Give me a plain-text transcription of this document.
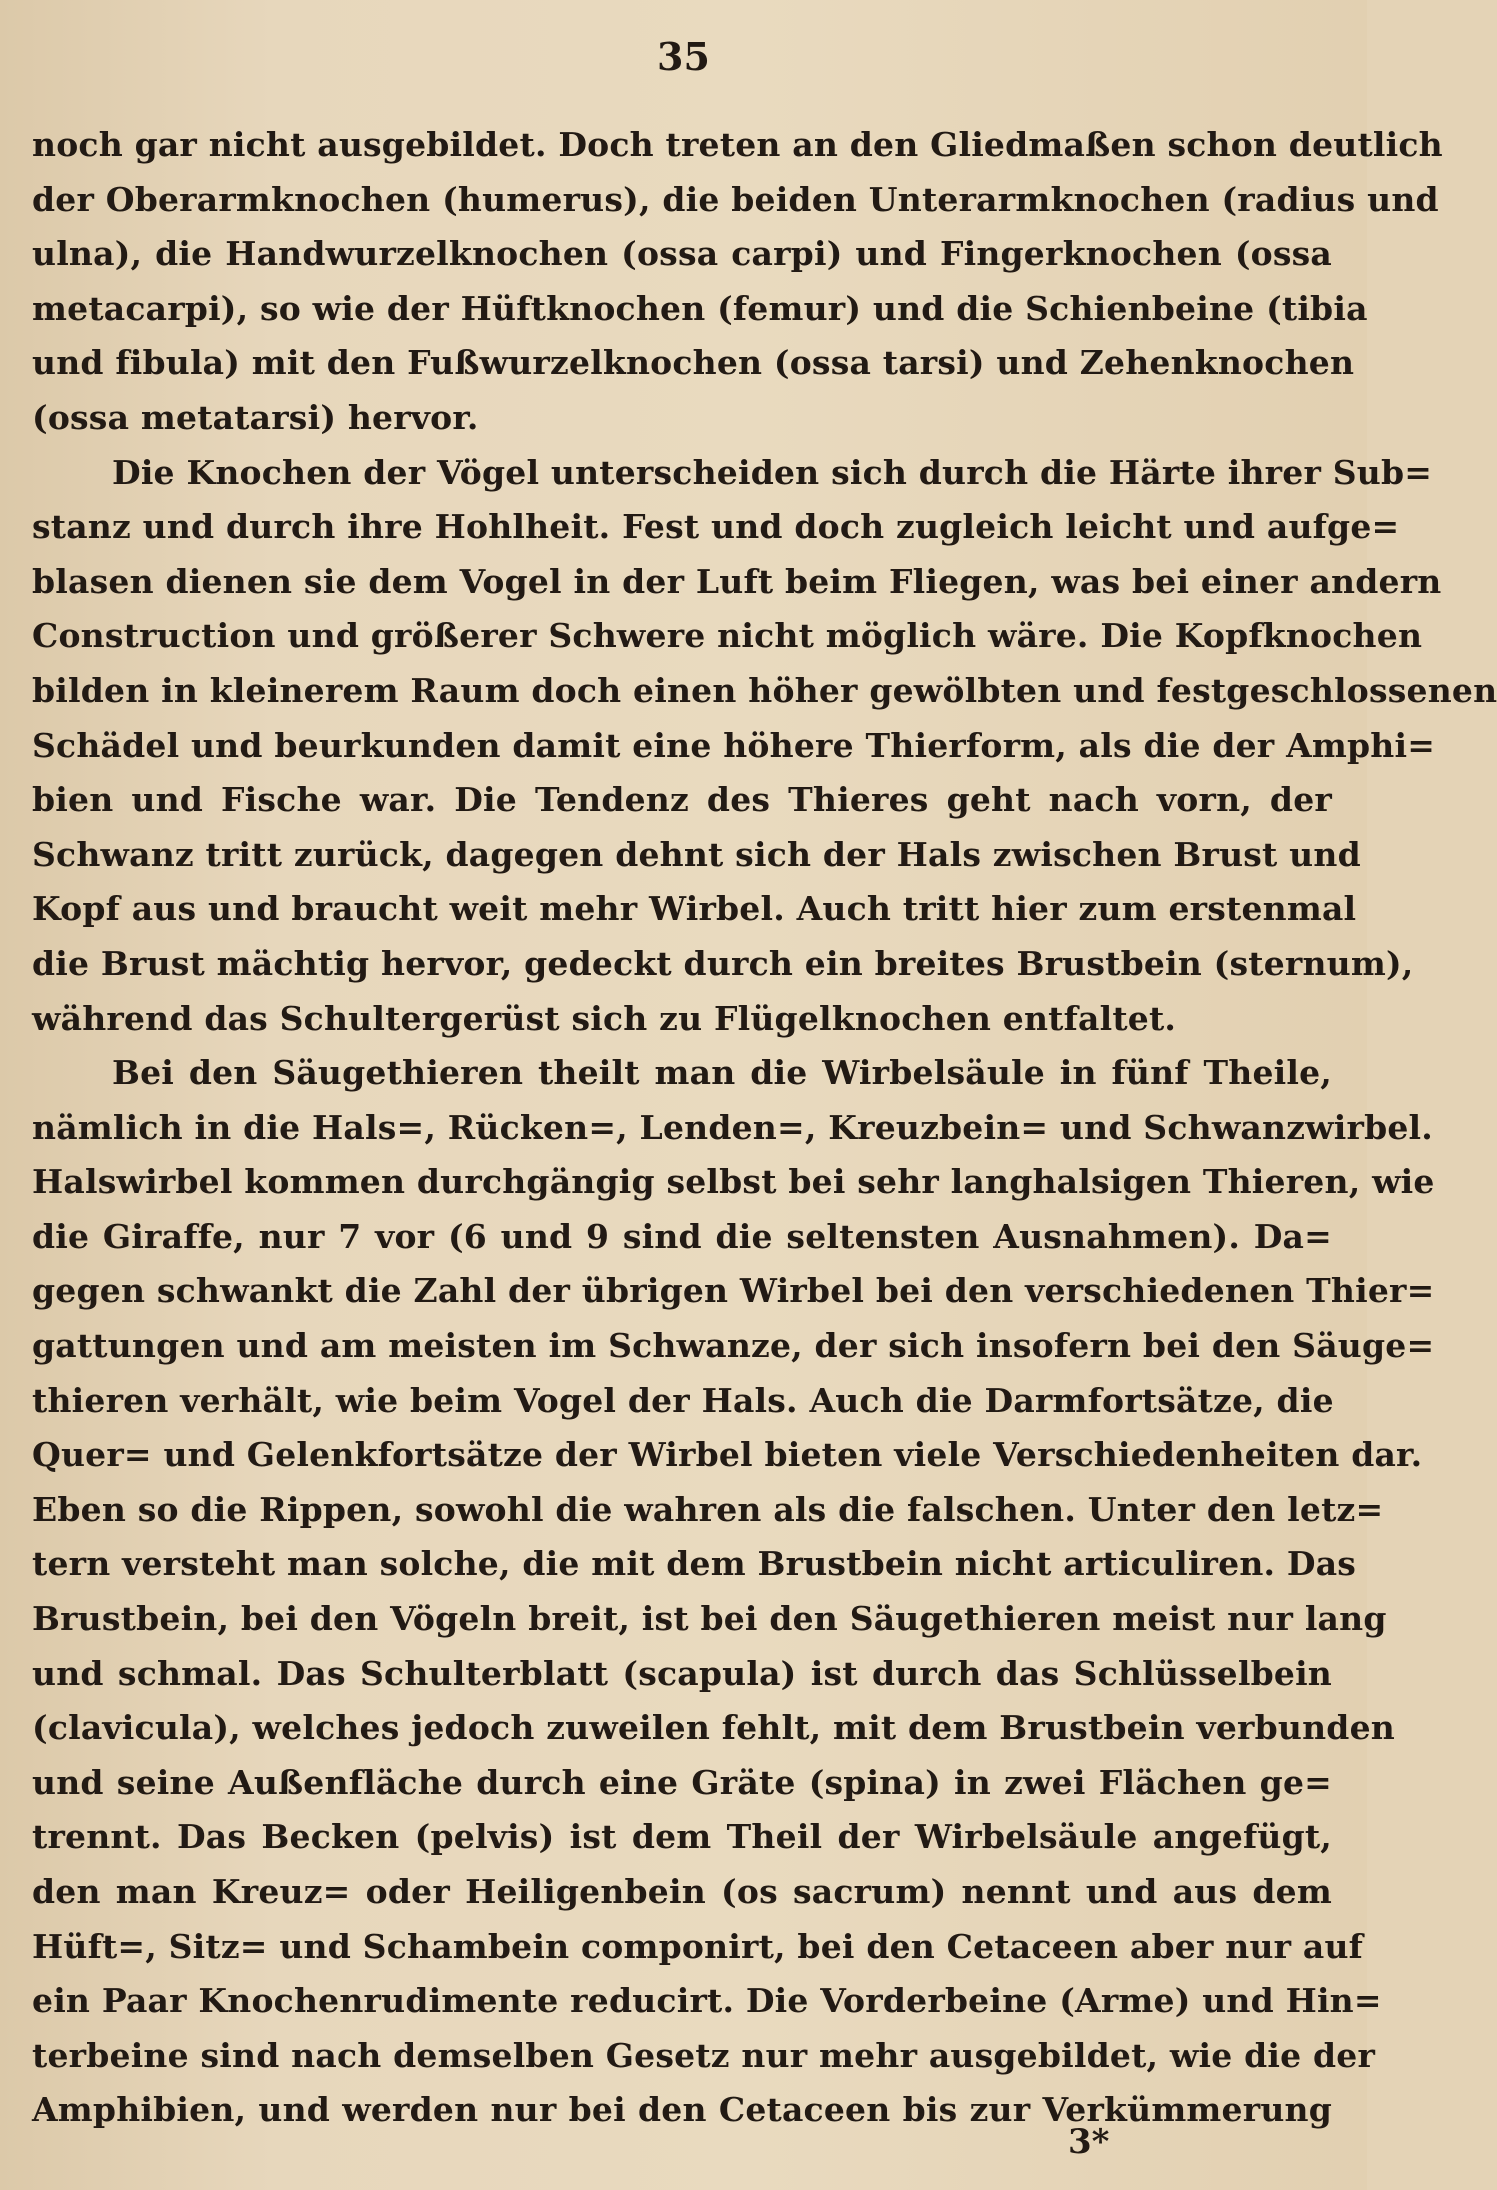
35
noch gar nicht ausgebildet. Doch treten an den Gliedmaßen schon deutlich
der Oberarmknochen (humerus), die beiden Unterarmknochen (radius und
ulna), die Handwurzelknochen (ossa carpi) und Fingerknochen (ossa
metacarpi), so wie der Hüftknochen (femur) und die Schienbeine (tibia
und fibula) mit den Fußwurzelknochen (ossa tarsi) und Zehenknochen
(ossa metatarsi) hervor.
Die Knochen der Vögel unterscheiden sich durch die Härte ihrer Sub=
stanz und durch ihre Hohlheit. Fest und doch zugleich leicht und aufge=
blasen dienen sie dem Vogel in der Luft beim Fliegen, was bei einer andern
Construction und größerer Schwere nicht möglich wäre. Die Kopfknochen
bilden in kleinerem Raum doch einen höher gewölbten und festgeschlossenen
Schädel und beurkunden damit eine höhere Thierform, als die der Amphi=
bien und Fische war. Die Tendenz des Thieres geht nach vorn, der
Schwanz tritt zurück, dagegen dehnt sich der Hals zwischen Brust und
Kopf aus und braucht weit mehr Wirbel. Auch tritt hier zum erstenmal
die Brust mächtig hervor, gedeckt durch ein breites Brustbein (sternum),
während das Schultergerüst sich zu Flügelknochen entfaltet.
Bei den Säugethieren theilt man die Wirbelsäule in fünf Theile,
nämlich in die Hals=, Rücken=, Lenden=, Kreuzbein= und Schwanzwirbel.
Halswirbel kommen durchgängig selbst bei sehr langhalsigen Thieren, wie
die Giraffe, nur 7 vor (6 und 9 sind die seltensten Ausnahmen). Da=
gegen schwankt die Zahl der übrigen Wirbel bei den verschiedenen Thier=
gattungen und am meisten im Schwanze, der sich insofern bei den Säuge=
thieren verhält, wie beim Vogel der Hals. Auch die Darmfortsätze, die
Quer= und Gelenkfortsätze der Wirbel bieten viele Verschiedenheiten dar.
Eben so die Rippen, sowohl die wahren als die falschen. Unter den letz=
tern versteht man solche, die mit dem Brustbein nicht articuliren. Das
Brustbein, bei den Vögeln breit, ist bei den Säugethieren meist nur lang
und schmal. Das Schulterblatt (scapula) ist durch das Schlüsselbein
(clavicula), welches jedoch zuweilen fehlt, mit dem Brustbein verbunden
und seine Außenfläche durch eine Gräte (spina) in zwei Flächen ge=
trennt. Das Becken (pelvis) ist dem Theil der Wirbelsäule angefügt,
den man Kreuz= oder Heiligenbein (os sacrum) nennt und aus dem
Hüft=, Sitz= und Schambein componirt, bei den Cetaceen aber nur auf
ein Paar Knochenrudimente reducirt. Die Vorderbeine (Arme) und Hin=
terbeine sind nach demselben Gesetz nur mehr ausgebildet, wie die der
Amphibien, und werden nur bei den Cetaceen bis zur Verkümmerung
3*
